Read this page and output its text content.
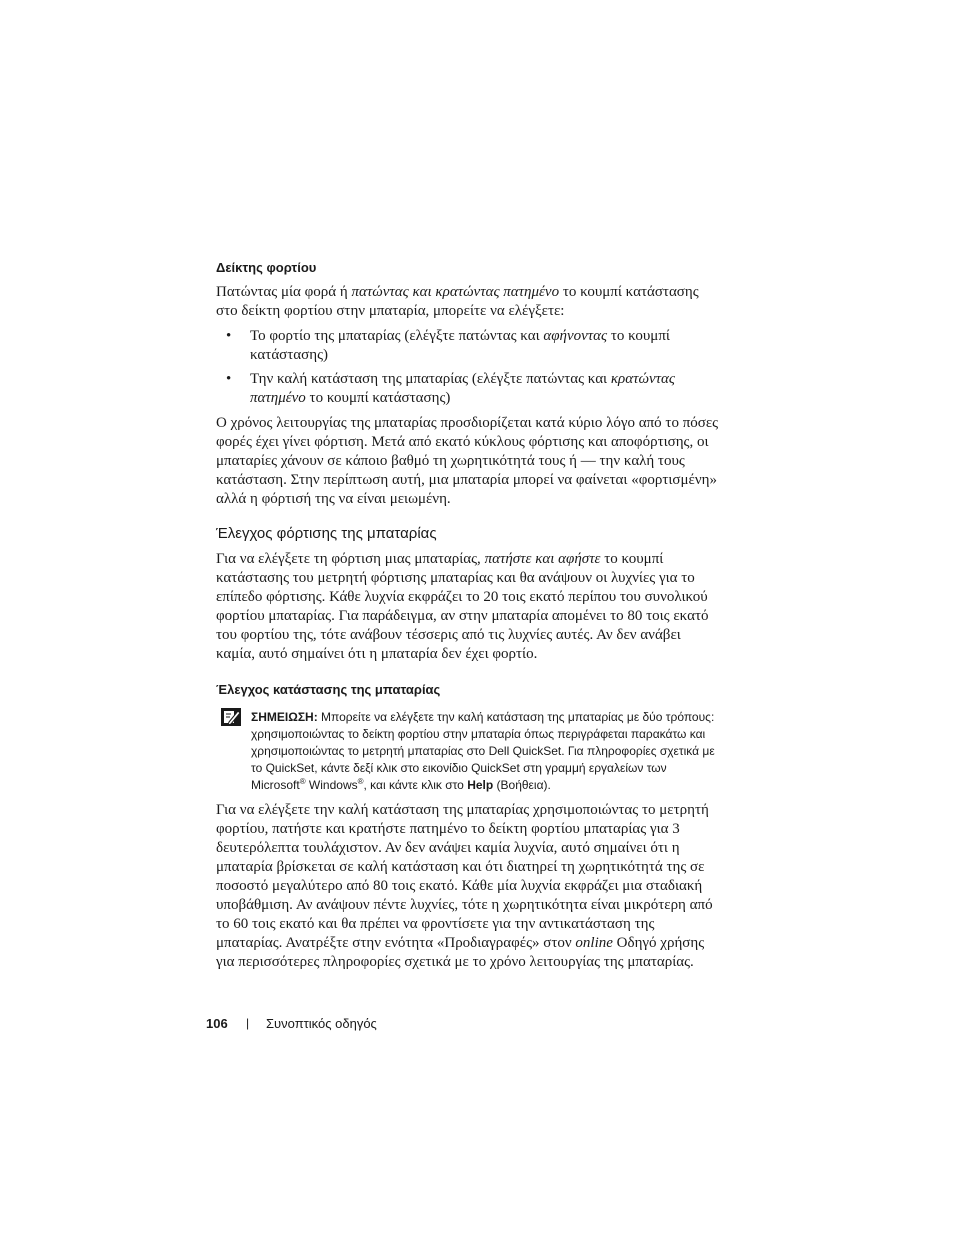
Δείκτης φορτίου

Πατώντας μία φορά ή πατώντας και κρατώντας πατημένο το κουμπί κατάστασης στο δείκτη φορτίου στην μπαταρία, μπορείτε να ελέγξετε:

• Το φορτίο της μπαταρίας (ελέγξτε πατώντας και αφήνοντας το κουμπί κατάστασης)
• Την καλή κατάσταση της μπαταρίας (ελέγξτε πατώντας και κρατώντας πατημένο το κουμπί κατάστασης)

Ο χρόνος λειτουργίας της μπαταρίας προσδιορίζεται κατά κύριο λόγο από το πόσες φορές έχει γίνει φόρτιση. Μετά από εκατό κύκλους φόρτισης και αποφόρτισης, οι μπαταρίες χάνουν σε κάποιο βαθμό τη χωρητικότητά τους ή — την καλή τους κατάσταση. Στην περίπτωση αυτή, μια μπαταρία μπορεί να φαίνεται «φορτισμένη» αλλά η φόρτισή της να είναι μειωμένη.

Έλεγχος φόρτισης της μπαταρίας

Για να ελέγξετε τη φόρτιση μιας μπαταρίας, πατήστε και αφήστε το κουμπί κατάστασης του μετρητή φόρτισης μπαταρίας και θα ανάψουν οι λυχνίες για το επίπεδο φόρτισης. Κάθε λυχνία εκφράζει το 20 τοις εκατό περίπου του συνολικού φορτίου μπαταρίας. Για παράδειγμα, αν στην μπαταρία απομένει το 80 τοις εκατό του φορτίου της, τότε ανάβουν τέσσερις από τις λυχνίες αυτές. Αν δεν ανάβει καμία, αυτό σημαίνει ότι η μπαταρία δεν έχει φορτίο.

Έλεγχος κατάστασης της μπαταρίας

ΣΗΜΕΙΩΣΗ: Μπορείτε να ελέγξετε την καλή κατάσταση της μπαταρίας με δύο τρόπους: χρησιμοποιώντας το δείκτη φορτίου στην μπαταρία όπως περιγράφεται παρακάτω και χρησιμοποιώντας το μετρητή μπαταρίας στο Dell QuickSet. Για πληροφορίες σχετικά με το QuickSet, κάντε δεξί κλικ στο εικονίδιο QuickSet στη γραμμή εργαλείων των Microsoft® Windows®, και κάντε κλικ στο Help (Βοήθεια).

Για να ελέγξετε την καλή κατάσταση της μπαταρίας χρησιμοποιώντας το μετρητή φορτίου, πατήστε και κρατήστε πατημένο το δείκτη φορτίου μπαταρίας για 3 δευτερόλεπτα τουλάχιστον. Αν δεν ανάψει καμία λυχνία, αυτό σημαίνει ότι η μπαταρία βρίσκεται σε καλή κατάσταση και ότι διατηρεί τη χωρητικότητά της σε ποσοστό μεγαλύτερο από 80 τοις εκατό. Κάθε μία λυχνία εκφράζει μια σταδιακή υποβάθμιση. Αν ανάψουν πέντε λυχνίες, τότε η χωρητικότητα είναι μικρότερη από το 60 τοις εκατό και θα πρέπει να φροντίσετε για την αντικατάσταση της μπαταρίας. Ανατρέξτε στην ενότητα «Προδιαγραφές» στον online Οδηγό χρήσης για περισσότερες πληροφορίες σχετικά με το χρόνο λειτουργίας της μπαταρίας.

106 | Συνοπτικός οδηγός
